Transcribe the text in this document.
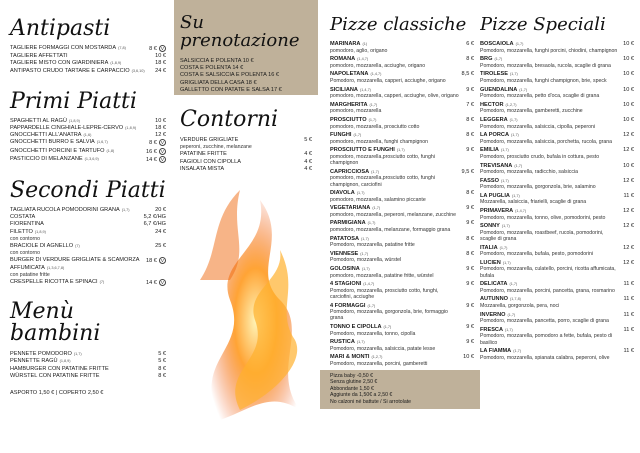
Antipasti
TAGLIERE FORMAGGI CON MOSTARDA (7,8)	8 € V
TAGLIERE AFFETTATI	10 €
TAGLIERE MISTO CON GIARDINIERA (1,8,9)	18 €
ANTIPASTO CRUDO TARTARE E CARPACCIO (3,6,10)	24 €
Primi Piatti
SPAGHETTI AL RAGÙ (1,8,9)	10 €
PAPPARDELLE CINGHIALE-LEPRE-CERVO (1,8,9)	18 €
GNOCCHETTI ALL'ANATRA (1,6)	12 €
GNOCCHETTI BURRO E SALVIA (1,6,7)	8 € V
GNOCCHETTI PORCINI E TARTUFO (1,8)	16 € V
PASTICCIO DI MELANZANE (1,3,6,9)	14 € V
Secondi Piatti
TAGLIATA RUCOLA POMODORINI GRANA (1,7)	20 €
COSTATA	5,2 €/HG
FIORENTINA	6,7 €/HG
FILETTO (1,8,9)
con contorno
24 €
BRACIOLE DI AGNELLO (7)
con contorno
25 €
BURGER DI VERDURE GRIGLIATE & SCAMORZA AFFUMICATA (1,3,6,7,8)
con patatine fritte
18 € V
CRESPELLE RICOTTA E SPINACI (7)	14 € V
Menù bambini
PENNETE POMODORO (1,7)	5 €
PENNETTE RAGÙ (1,8,9)	5 €
HAMBURGER CON PATATINE FRITTE	8 €
WÜRSTEL CON PATATINE FRITTE	8 €
ASPORTO 1,50 € | COPERTO 2,50 €
Su prenotazione
SALSICCIA E POLENTA 10 €
COSTA E POLENTA 14 €
COSTA E SALSICCIA E POLENTA 16 €
GRIGLIATA DELLA CASA 18 €
GALLETTO CON PATATE E SALSA 17 €
Contorni
VERDURE GRIGLIATE
peperoni, zucchine, melanzane
5 €
PATATINE FRITTE	4 €
FAGIOLI CON CIPOLLA	4 €
INSALATA MISTA	4 €
Pizze classiche
MARINARA (1)	6 €
pomodoro, aglio, origano
ROMANA (1,4,7)	8 €
pomodoro, mozzarella, acciughe, origano
NAPOLETANA (1,4,7)	8,5 €
Pomodoro, mozzarella, capperi, acciughe, origano
SICILIANA (1,4,7)	9 €
pomodoro, mozzarella, capperi, acciughe, olive, origano
MARGHERITA (1,7)	7 €
pomodoro, mozzarella
PROSCIUTTO (1,7)	8 €
pomodoro, mozzarella, prosciutto cotto
FUNGHI (1,7)	8 €
pomodoro, mozzarella, funghi champignon
PROSCIUTTO E FUNGHI (1,7)	9 €
pomodoro, mozzarella,prosciutto cotto, funghi champignon
CAPRICCIOSA (1,7)	9,5 €
pomodoro, mozzarella,prosciutto cotto, funghi champignon, carciofini
DIAVOLA (1,7)	8 €
pomodoro, mozzarella, salamino piccante
VEGETARIANA (1,7)	9 €
pomodoro, mozzarella, peperoni, melanzane, zucchine
PARMIGIANA (1,7)	9 €
pomodoro, mozzarella, melanzane, formaggio grana
PATATOSA (1,7)	8 €
Pomodoro, mozzarella, patatine fritte
VIENNESE (1,7)	8 €
Pomodoro, mozzarella, würstel
GOLOSINA (1,7)	9 €
pomodoro, mozzarella, patatine fritte, würstel
4 STAGIONI (1,4,7)	9 €
Pomodoro, mozzarella, prosciutto cotto, funghi, carciofini, acciughe
4 FORMAGGI (1,7)	9 €
Pomodoro, mozzarella, gorgonzola, brie, formaggio grana
TONNO E CIPOLLA (1,7)	9 €
Pomodoro, mozzarella, tonno, cipolla
RUSTICA (1,7)	9 €
Pomodoro, mozzarella, salsiccia, patate lesse
MARI & MONTI (1,2,7)	10 €
Pomodoro, mozzarella, porcini, gamberetti
Pizza baby -0,50 €
Senza glutine 2,50 €
Abbondante 1,50 €
Aggiunte da 1,50€ a 2,50 €
No calzoni né battute / Si arrotolate
Pizze Speciali
BOSCAIOLA (1,7)	10 €
Pomodoro, mozzarella, funghi porcini, chiodini, champignon
BRG (1,7)	10 €
Pomodoro, mozzarella, bresaola, rucola, scaglie di grana
TIROLESE (1,7)	10 €
Pomodoro, mozzarella, funghi champignon, brie, speck
GUENDALINA (1,7)	10 €
Pomodoro, mozzarella, petto d'oca, scaglie di grana
HECTOR (1,2,7)	10 €
Pomodoro, mozzarella, gamberetti, zucchine
LEGGERA (1,7)	10 €
Pomodoro, mozzarella, salsiccia, cipolla, peperoni
LA PORCA (1,7)	12 €
Pomodoro, mozzarella, salsiccia, porchetta, rucola, grana
EMILIA (1,7)	12 €
Pomodoro, prosciutto crudo, bufala in cottura, pesto
TREVISANA (1,7)	10 €
Pomodoro, mozzarella, radicchio, salsiccia
FASSO (1,7)	12 €
Pomodoro, mozzarella, gorgonzola, brie, salamino
LA PUGLIA (1,7)	11 €
Mozzarella, salsiccia, friarielli, scaglie di grana
PRIMAVERA (1,4,7)	12 €
Pomodoro, mozzarella, tonno, olive, pomodorini, pesto
SONNY (1,7)	12 €
Pomodoro, mozzarella, roastbeef, rucola, pomodorini, scaglie di grana
ITALIA (1,7)	12 €
Pomodoro, mozzarella, bufala, pesto, pomodorini
LUCIEN (1,7)	12 €
Pomodoro, mozzarella, culatello, porcini, ricotta affumicata, bufala
DELICATA (1,7)	11 €
Pomodoro, mozzarella, porcini, pancetta, grana, rosmarino
AUTUNNO (1,7,8)	11 €
Mozzarella, gorgonzola, pera, noci
INVERNO (1,7)	11 €
Pomodoro, mozzarella, pancetta, porro, scaglie di grana
FRESCA (1,7)	11 €
Pomodoro, mozzarella, pomodoro a fette, bufala, pesto di basilico
LA FIAMMA (1,7)	11 €
Pomodoro, mozzarella, spianata calabra, peperoni, olive
